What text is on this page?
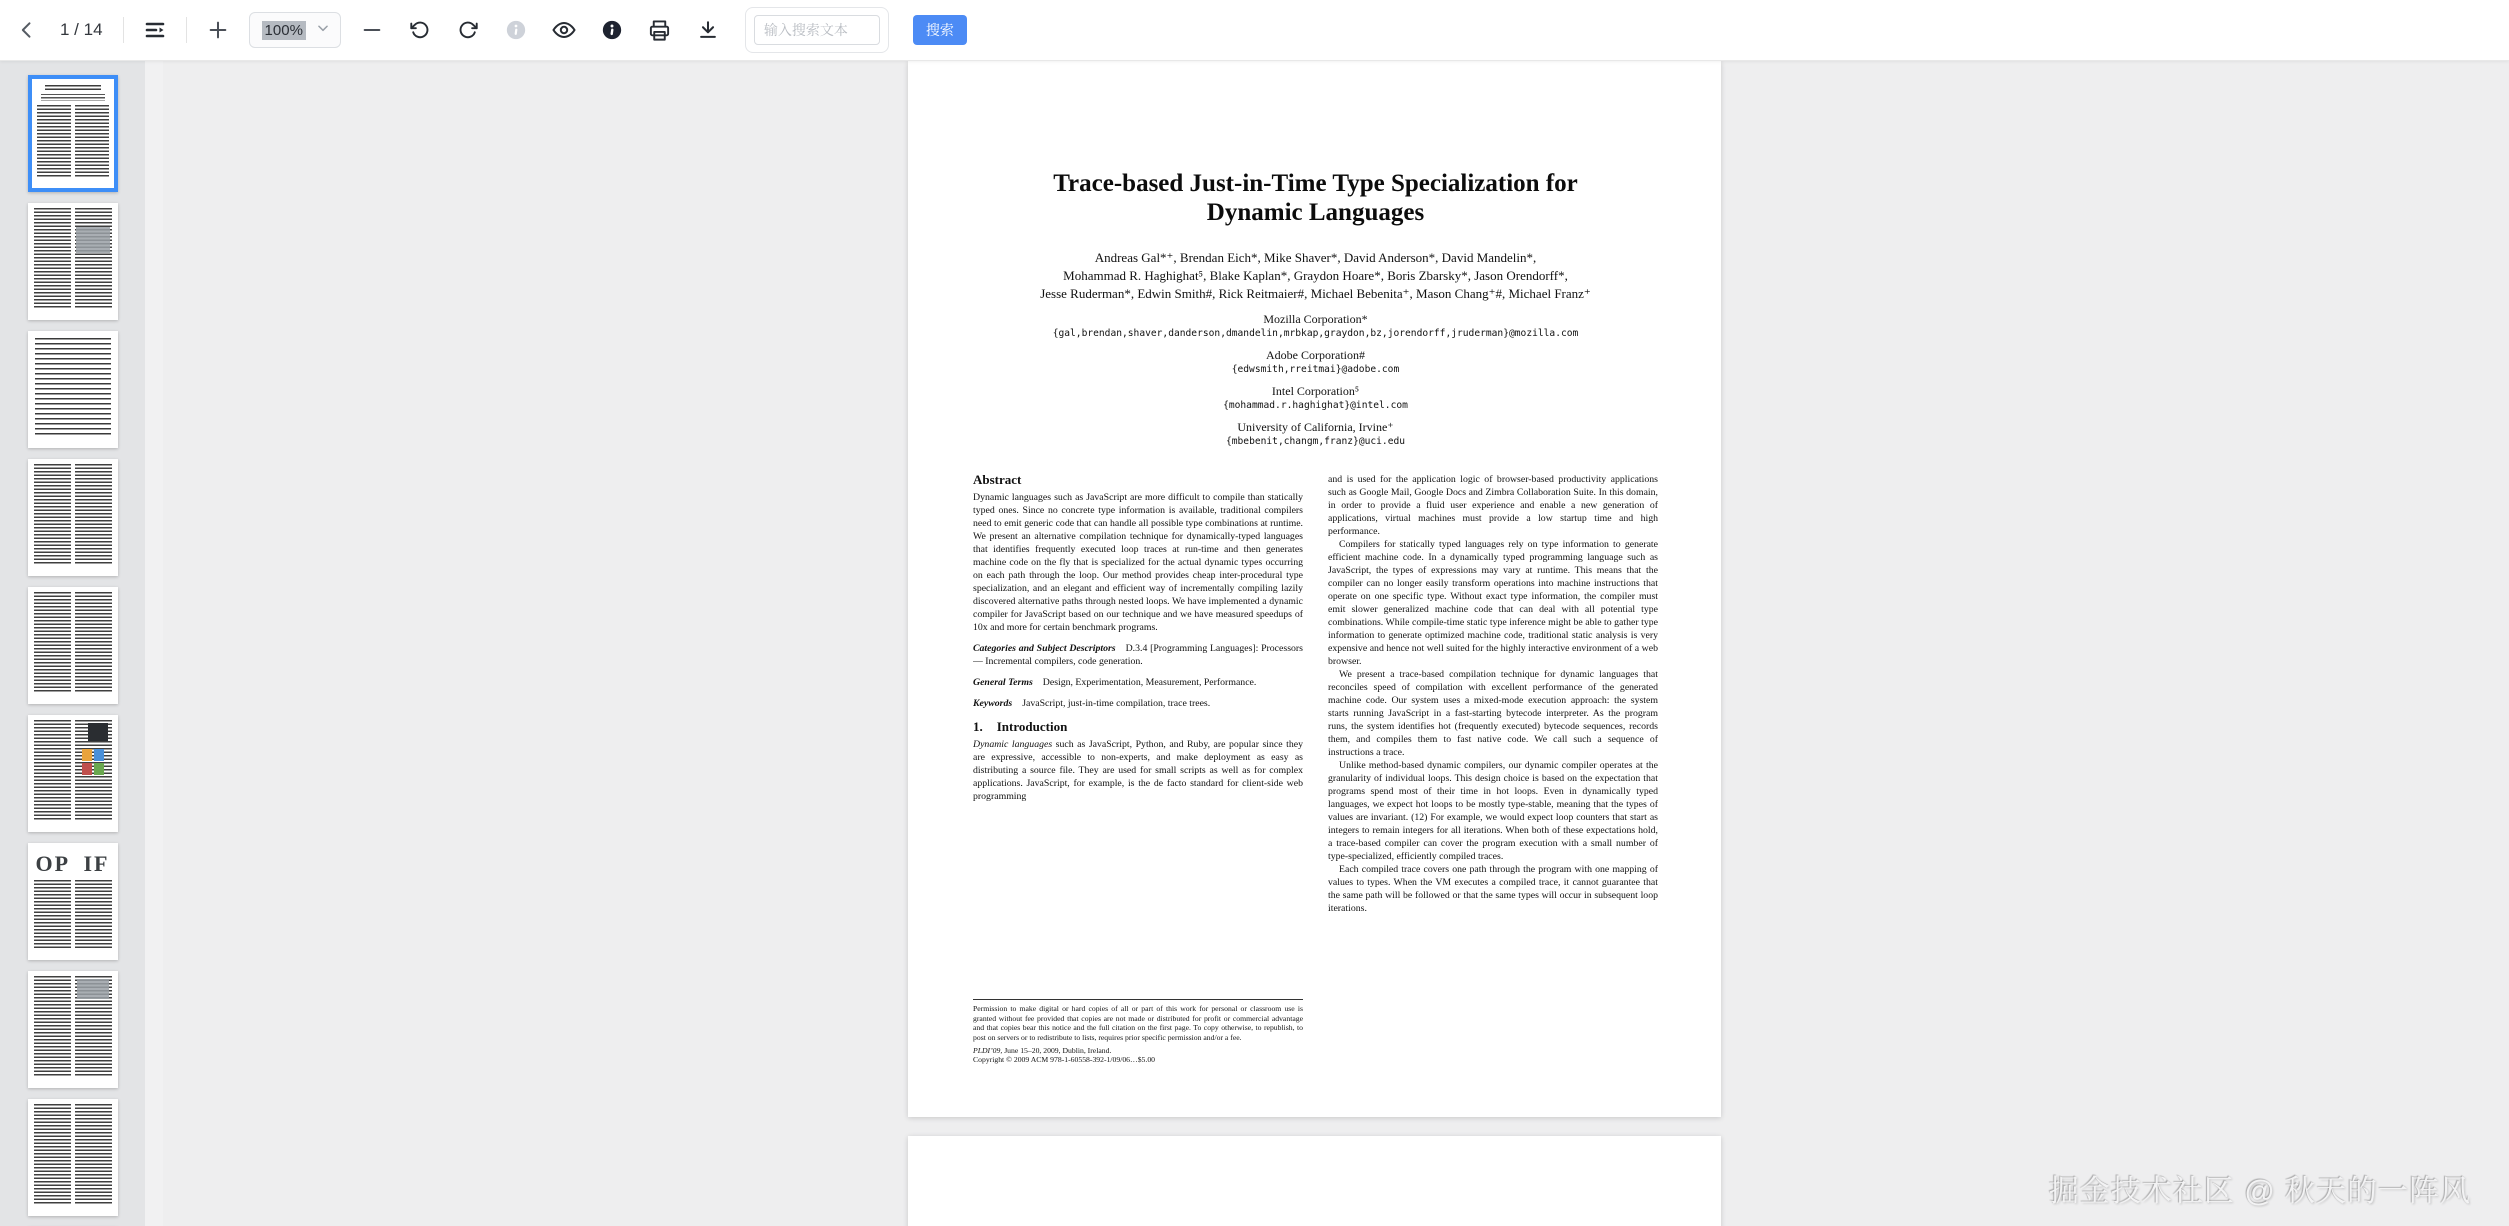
1 / 14	100%
输入搜索文本	搜索
OP IF
Trace-based Just-in-Time Type Specialization for Dynamic Languages
Andreas Gal*⁺, Brendan Eich*, Mike Shaver*, David Anderson*, David Mandelin*,
Mohammad R. Haghighat⁵, Blake Kaplan*, Graydon Hoare*, Boris Zbarsky*, Jason Orendorff*,
Jesse Ruderman*, Edwin Smith#, Rick Reitmaier#, Michael Bebenita⁺, Mason Chang⁺#, Michael Franz⁺
Mozilla Corporation*
{gal,brendan,shaver,danderson,dmandelin,mrbkap,graydon,bz,jorendorff,jruderman}@mozilla.com
Adobe Corporation#
{edwsmith,rreitmai}@adobe.com
Intel Corporation⁵
{mohammad.r.haghighat}@intel.com
University of California, Irvine⁺
{mbebenit,changm,franz}@uci.edu
Abstract
Dynamic languages such as JavaScript are more difficult to compile than statically typed ones. Since no concrete type information is available, traditional compilers need to emit generic code that can handle all possible type combinations at runtime. We present an alternative compilation technique for dynamically-typed languages that identifies frequently executed loop traces at run-time and then generates machine code on the fly that is specialized for the actual dynamic types occurring on each path through the loop. Our method provides cheap inter-procedural type specialization, and an elegant and efficient way of incrementally compiling lazily discovered alternative paths through nested loops. We have implemented a dynamic compiler for JavaScript based on our technique and we have measured speedups of 10x and more for certain benchmark programs.
Categories and Subject Descriptors D.3.4 [Programming Languages]: Processors — Incremental compilers, code generation.
General Terms Design, Experimentation, Measurement, Performance.
Keywords JavaScript, just-in-time compilation, trace trees.
1. Introduction
Dynamic languages such as JavaScript, Python, and Ruby, are popular since they are expressive, accessible to non-experts, and make deployment as easy as distributing a source file. They are used for small scripts as well as for complex applications. JavaScript, for example, is the de facto standard for client-side web programming
Permission to make digital or hard copies of all or part of this work for personal or classroom use is granted without fee provided that copies are not made or distributed for profit or commercial advantage and that copies bear this notice and the full citation on the first page. To copy otherwise, to republish, to post on servers or to redistribute to lists, requires prior specific permission and/or a fee.
PLDI’09, June 15–20, 2009, Dublin, Ireland.
Copyright © 2009 ACM 978-1-60558-392-1/09/06…$5.00
and is used for the application logic of browser-based productivity applications such as Google Mail, Google Docs and Zimbra Collaboration Suite. In this domain, in order to provide a fluid user experience and enable a new generation of applications, virtual machines must provide a low startup time and high performance.
Compilers for statically typed languages rely on type information to generate efficient machine code. In a dynamically typed programming language such as JavaScript, the types of expressions may vary at runtime. This means that the compiler can no longer easily transform operations into machine instructions that operate on one specific type. Without exact type information, the compiler must emit slower generalized machine code that can deal with all potential type combinations. While compile-time static type inference might be able to gather type information to generate optimized machine code, traditional static analysis is very expensive and hence not well suited for the highly interactive environment of a web browser.
We present a trace-based compilation technique for dynamic languages that reconciles speed of compilation with excellent performance of the generated machine code. Our system uses a mixed-mode execution approach: the system starts running JavaScript in a fast-starting bytecode interpreter. As the program runs, the system identifies hot (frequently executed) bytecode sequences, records them, and compiles them to fast native code. We call such a sequence of instructions a trace.
Unlike method-based dynamic compilers, our dynamic compiler operates at the granularity of individual loops. This design choice is based on the expectation that programs spend most of their time in hot loops. Even in dynamically typed languages, we expect hot loops to be mostly type-stable, meaning that the types of values are invariant. (12) For example, we would expect loop counters that start as integers to remain integers for all iterations. When both of these expectations hold, a trace-based compiler can cover the program execution with a small number of type-specialized, efficiently compiled traces.
Each compiled trace covers one path through the program with one mapping of values to types. When the VM executes a compiled trace, it cannot guarantee that the same path will be followed or that the same types will occur in subsequent loop iterations.
掘金技术社区 @ 秋天的一阵风
